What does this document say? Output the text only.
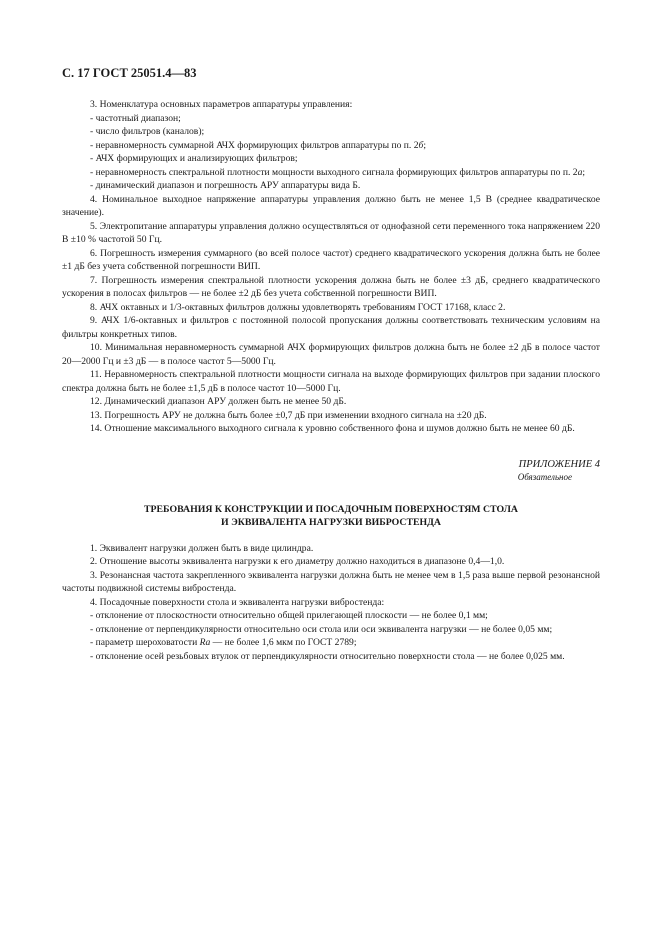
С. 17 ГОСТ 25051.4—83

3. Номенклатура основных параметров аппаратуры управления:

- частотный диапазон;

- число фильтров (каналов);

- неравномерность суммарной АЧХ формирующих фильтров аппаратуры по п. 2б;

- АЧХ формирующих и анализирующих фильтров;

- неравномерность спектральной плотности мощности выходного сигнала формирующих фильтров аппаратуры по п. 2а;

- динамический диапазон и погрешность АРУ аппаратуры вида Б.

4. Номинальное выходное напряжение аппаратуры управления должно быть не менее 1,5 В (среднее квадратическое значение).

5. Электропитание аппаратуры управления должно осуществляться от однофазной сети переменного тока напряжением 220 В ±10 % частотой 50 Гц.

6. Погрешность измерения суммарного (во всей полосе частот) среднего квадратического ускорения должна быть не более ±1 дБ без учета собственной погрешности ВИП.

7. Погрешность измерения спектральной плотности ускорения должна быть не более ±3 дБ, среднего квадратического ускорения в полосах фильтров — не более ±2 дБ без учета собственной погрешности ВИП.

8. АЧХ октавных и 1/3-октавных фильтров должны удовлетворять требованиям ГОСТ 17168, класс 2.

9. АЧХ 1/6-октавных и фильтров с постоянной полосой пропускания должны соответствовать техническим условиям на фильтры конкретных типов.

10. Минимальная неравномерность суммарной АЧХ формирующих фильтров должна быть не более ±2 дБ в полосе частот 20—2000 Гц и ±3 дБ — в полосе частот 5—5000 Гц.

11. Неравномерность спектральной плотности мощности сигнала на выходе формирующих фильтров при задании плоского спектра должна быть не более ±1,5 дБ в полосе частот 10—5000 Гц.

12. Динамический диапазон АРУ должен быть не менее 50 дБ.

13. Погрешность АРУ не должна быть более ±0,7 дБ при изменении входного сигнала на ±20 дБ.

14. Отношение максимального выходного сигнала к уровню собственного фона и шумов должно быть не менее 60 дБ.

ПРИЛОЖЕНИЕ 4
Обязательное
ТРЕБОВАНИЯ К КОНСТРУКЦИИ И ПОСАДОЧНЫМ ПОВЕРХНОСТЯМ СТОЛА
И ЭКВИВАЛЕНТА НАГРУЗКИ ВИБРОСТЕНДА

1. Эквивалент нагрузки должен быть в виде цилиндра.

2. Отношение высоты эквивалента нагрузки к его диаметру должно находиться в диапазоне 0,4—1,0.

3. Резонансная частота закрепленного эквивалента нагрузки должна быть не менее чем в 1,5 раза выше первой резонансной частоты подвижной системы вибростенда.

4. Посадочные поверхности стола и эквивалента нагрузки вибростенда:

- отклонение от плоскостности относительно общей прилегающей плоскости — не более 0,1 мм;

- отклонение от перпендикулярности относительно оси стола или оси эквивалента нагрузки — не более 0,05 мм;

- параметр шероховатости Ra — не более 1,6 мкм по ГОСТ 2789;

- отклонение осей резьбовых втулок от перпендикулярности относительно поверхности стола — не более 0,025 мм.
